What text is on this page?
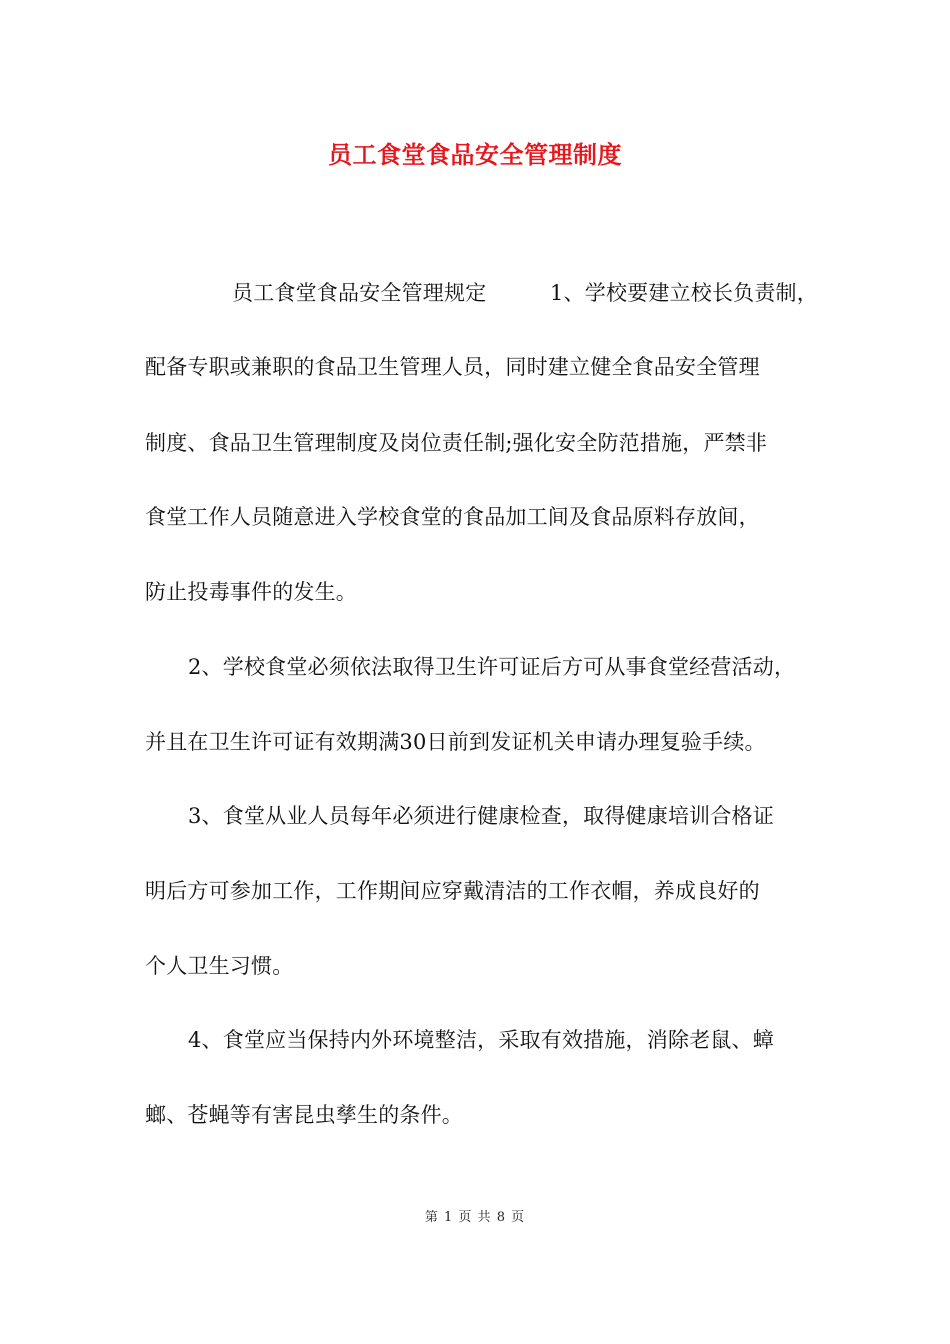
员工食堂食品安全管理制度
员工食堂食品安全管理规定　　　1、学校要建立校长负责制，
配备专职或兼职的食品卫生管理人员，同时建立健全食品安全管理
制度、食品卫生管理制度及岗位责任制;强化安全防范措施，严禁非
食堂工作人员随意进入学校食堂的食品加工间及食品原料存放间，
防止投毒事件的发生。
2、学校食堂必须依法取得卫生许可证后方可从事食堂经营活动，
并且在卫生许可证有效期满30日前到发证机关申请办理复验手续。
3、食堂从业人员每年必须进行健康检查，取得健康培训合格证
明后方可参加工作，工作期间应穿戴清洁的工作衣帽，养成良好的
个人卫生习惯。
4、食堂应当保持内外环境整洁，采取有效措施，消除老鼠、蟑
螂、苍蝇等有害昆虫孳生的条件。
第 1 页 共 8 页
